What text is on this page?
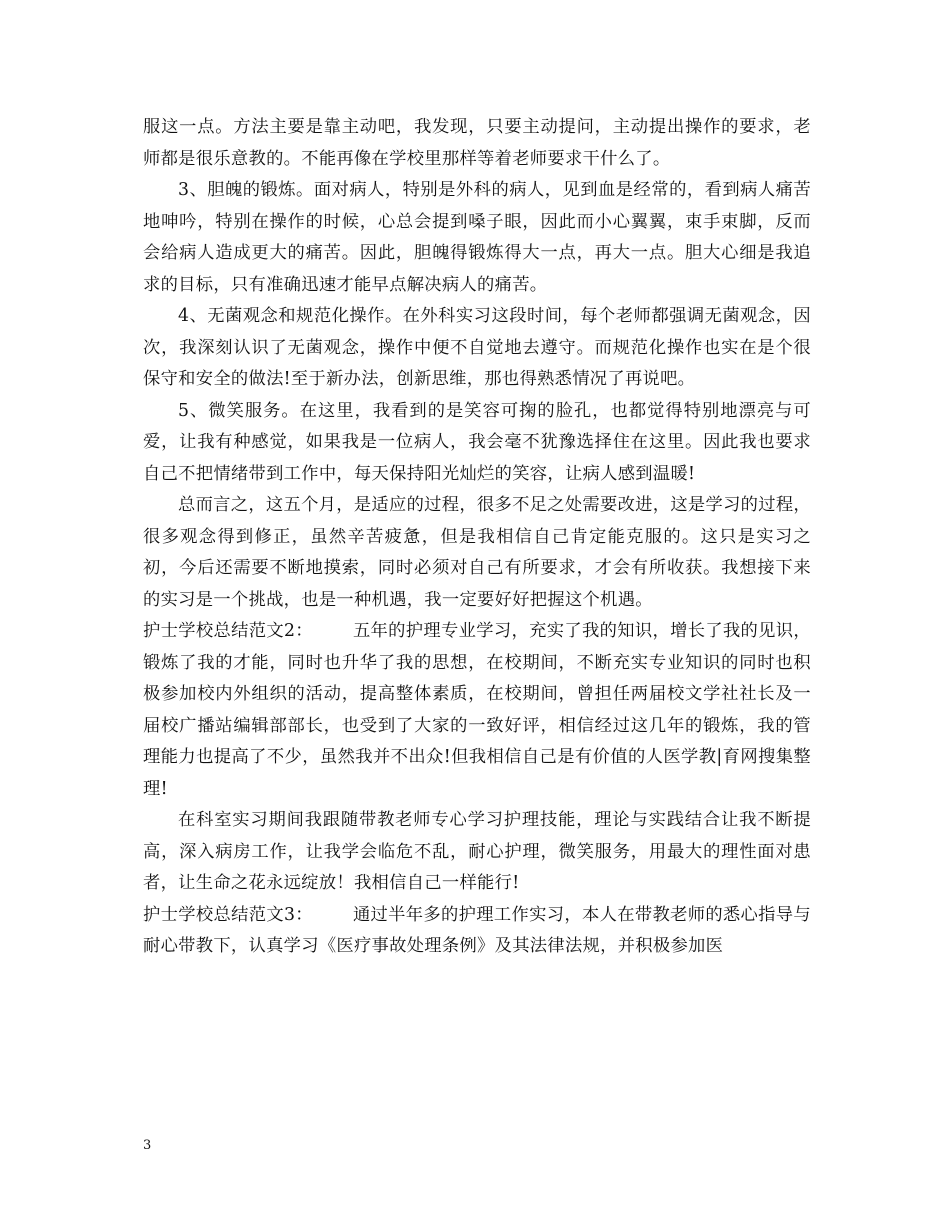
服这一点。方法主要是靠主动吧，我发现，只要主动提问，主动提出操作的要求，老师都是很乐意教的。不能再像在学校里那样等着老师要求干什么了。

3、胆魄的锻炼。面对病人，特别是外科的病人，见到血是经常的，看到病人痛苦地呻吟，特别在操作的时候，心总会提到嗓子眼，因此而小心翼翼，束手束脚，反而会给病人造成更大的痛苦。因此，胆魄得锻炼得大一点，再大一点。胆大心细是我追求的目标，只有准确迅速才能早点解决病人的痛苦。

4、无菌观念和规范化操作。在外科实习这段时间，每个老师都强调无菌观念，因次，我深刻认识了无菌观念，操作中便不自觉地去遵守。而规范化操作也实在是个很保守和安全的做法!至于新办法，创新思维，那也得熟悉情况了再说吧。

5、微笑服务。在这里，我看到的是笑容可掬的脸孔，也都觉得特别地漂亮与可爱，让我有种感觉，如果我是一位病人，我会毫不犹豫选择住在这里。因此我也要求自己不把情绪带到工作中，每天保持阳光灿烂的笑容，让病人感到温暖!

总而言之，这五个月，是适应的过程，很多不足之处需要改进，这是学习的过程，很多观念得到修正，虽然辛苦疲惫，但是我相信自己肯定能克服的。这只是实习之初，今后还需要不断地摸索，同时必须对自己有所要求，才会有所收获。我想接下来的实习是一个挑战，也是一种机遇，我一定要好好把握这个机遇。

护士学校总结范文2： 五年的护理专业学习，充实了我的知识，增长了我的见识，锻炼了我的才能，同时也升华了我的思想，在校期间，不断充实专业知识的同时也积极参加校内外组织的活动，提高整体素质，在校期间，曾担任两届校文学社社长及一届校广播站编辑部部长，也受到了大家的一致好评，相信经过这几年的锻炼，我的管理能力也提高了不少，虽然我并不出众!但我相信自己是有价值的人医学教|育网搜集整理!

在科室实习期间我跟随带教老师专心学习护理技能，理论与实践结合让我不断提高，深入病房工作，让我学会临危不乱，耐心护理，微笑服务，用最大的理性面对患者，让生命之花永远绽放！我相信自己一样能行!

护士学校总结范文3： 通过半年多的护理工作实习，本人在带教老师的悉心指导与耐心带教下，认真学习《医疗事故处理条例》及其法律法规，并积极参加医

3
